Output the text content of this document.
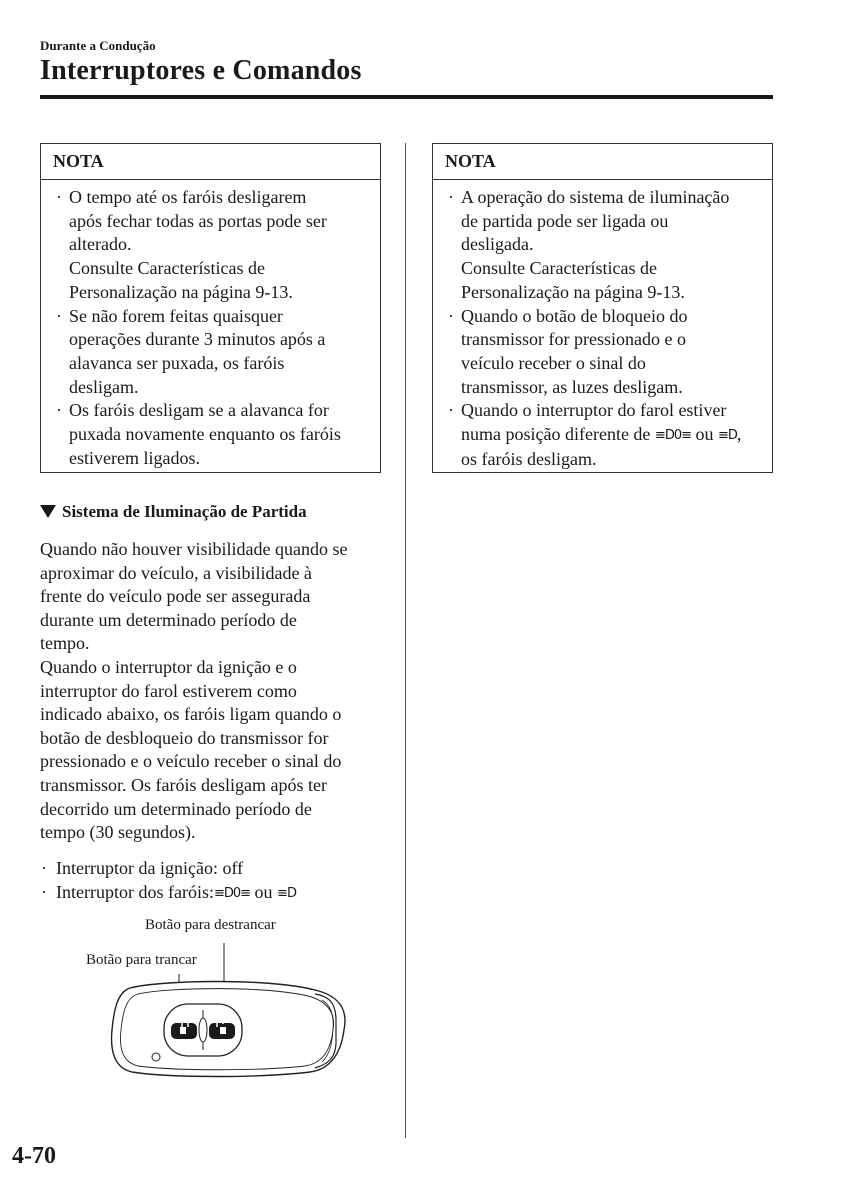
Durante a Condução
Interruptores e Comandos
NOTA
· O tempo até os faróis desligarem
após fechar todas as portas pode ser
alterado.
Consulte Características de
Personalização na página 9-13.
· Se não forem feitas quaisquer
operações durante 3 minutos após a
alavanca ser puxada, os faróis
desligam.
· Os faróis desligam se a alavanca for
puxada novamente enquanto os faróis
estiverem ligados.
NOTA
· A operação do sistema de iluminação
de partida pode ser ligada ou
desligada.
Consulte Características de
Personalização na página 9-13.
· Quando o botão de bloqueio do
transmissor for pressionado e o
veículo receber o sinal do
transmissor, as luzes desligam.
· Quando o interruptor do farol estiver
numa posição diferente de ≡D0≡ ou ≡D,
os faróis desligam.
Sistema de Iluminação de Partida
Quando não houver visibilidade quando se
aproximar do veículo, a visibilidade à
frente do veículo pode ser assegurada
durante um determinado período de
tempo.
Quando o interruptor da ignição e o
interruptor do farol estiverem como
indicado abaixo, os faróis ligam quando o
botão de desbloqueio do transmissor for
pressionado e o veículo receber o sinal do
transmissor. Os faróis desligam após ter
decorrido um determinado período de
tempo (30 segundos).
· Interruptor da ignição: off
· Interruptor dos faróis:≡D0≡ ou ≡D
Botão para destrancar
Botão para trancar
4-70
